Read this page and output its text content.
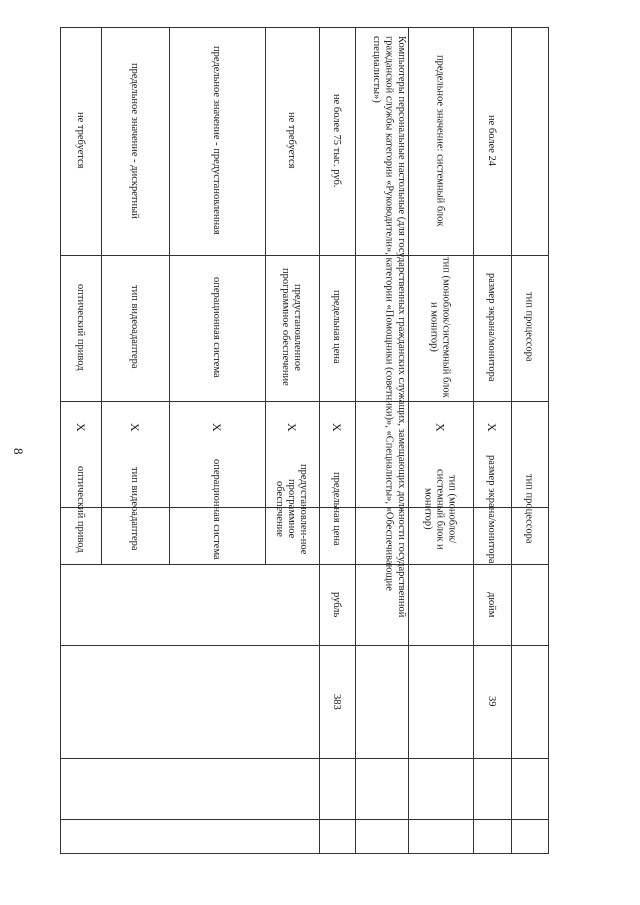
8
не требуется
оптический привод
X
оптический привод
предельное значение - дискретный
тип видеоадаптера
X
тип видеоадаптера
предельное значение - предустановленная
операционная система
X
операционная система
не требуется
предустановленное программное обеспечение
X
предустановлен-ное программное обеспечение
не более 75 тыс. руб.
предельная цена
X
предельная цена
рубль
383
Компьютеры персональные настольные (для государственных гражданских служащих, замещающих должности государственной гражданской службы категории «Руководители», категории «Помощники (советники)», «Специалисты», «Обеспечивающие специалисты»)	предельное значение: системный блок
тип (моноблок/системный блок и монитор)
X
тип (моноблок/ системный блок и монитор)
не более 24
размер экрана/монитора
X
размер экрана/монитора
дюйм
39
тип процессора
тип процессора
